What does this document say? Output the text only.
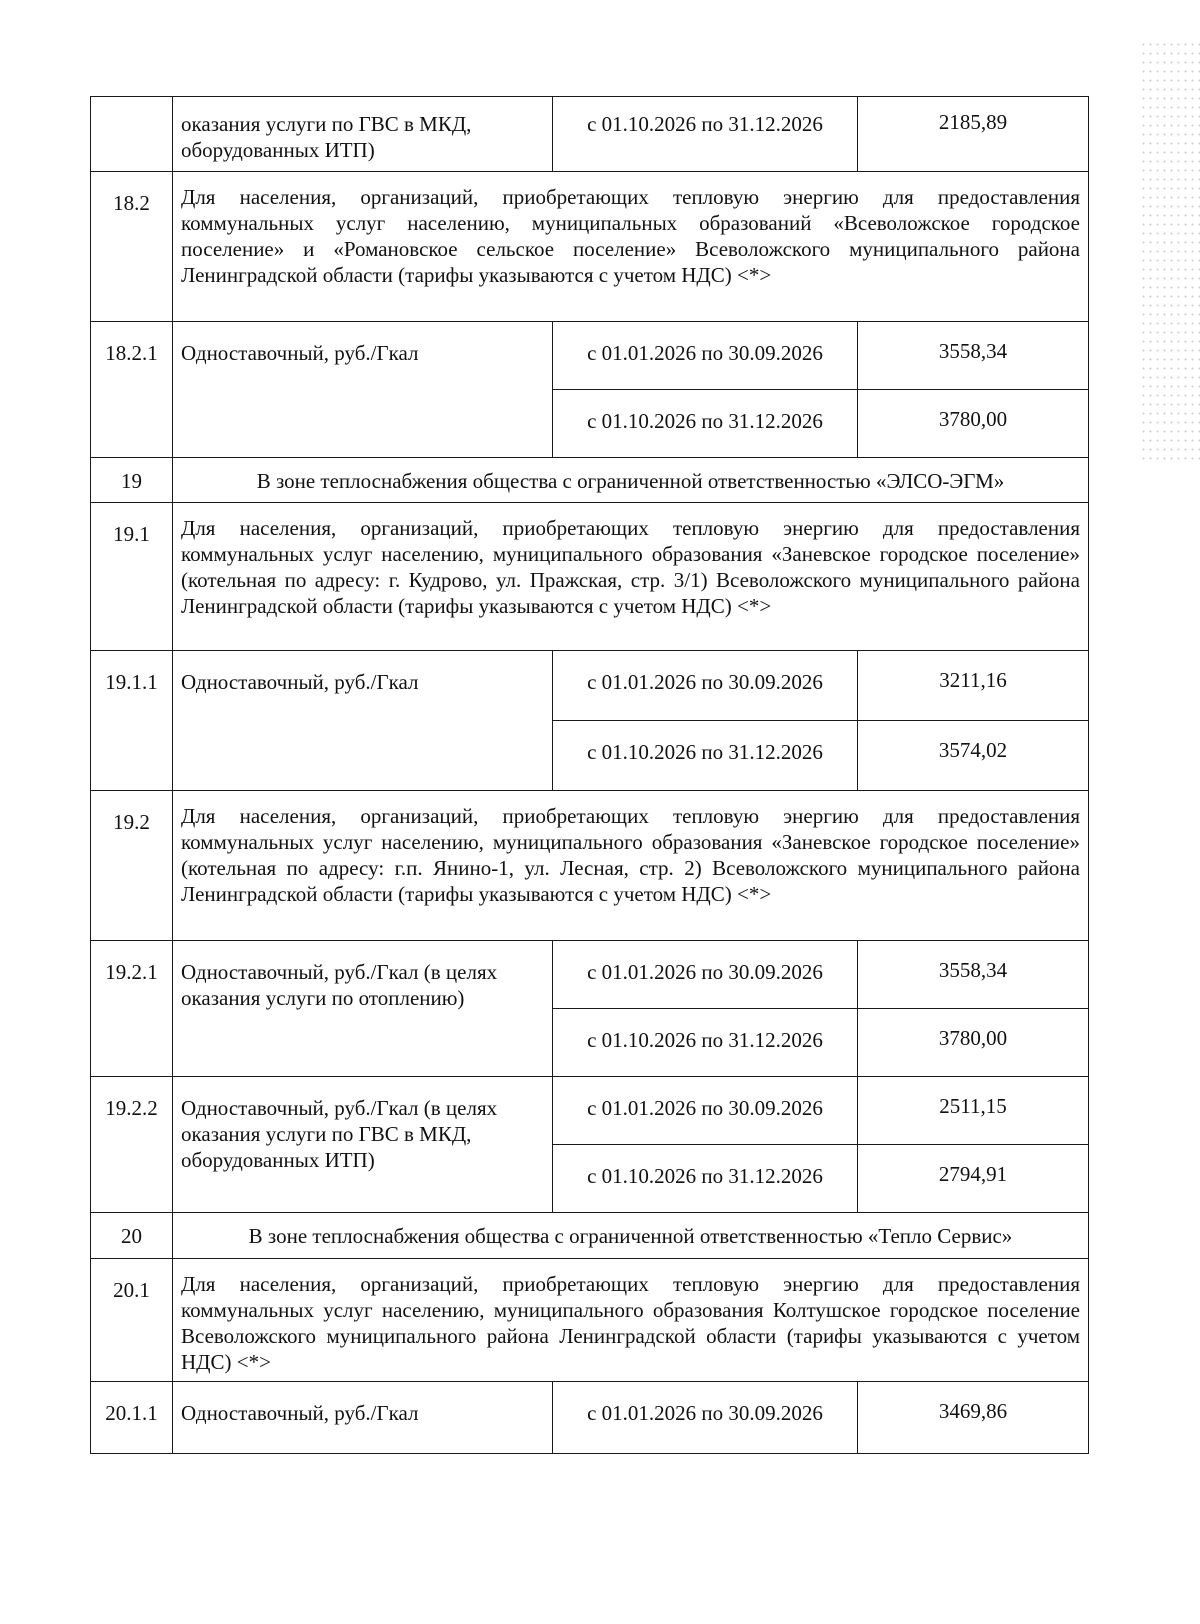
	оказания услуги по ГВС в МКД, оборудованных ИТП)	с 01.10.2026 по 31.12.2026	2185,89
18.2	Для населения, организаций, приобретающих тепловую энергию для предоставления коммунальных услуг населению, муниципальных образований «Всеволожское городское поселение» и «Романовское сельское поселение» Всеволожского муниципального района Ленинградской области (тарифы указываются с учетом НДС) <*>		
18.2.1	Одноставочный, руб./Гкал	с 01.01.2026 по 30.09.2026	3558,34
		с 01.10.2026 по 31.12.2026	3780,00
19	В зоне теплоснабжения общества с ограниченной ответственностью «ЭЛСО-ЭГМ»		
19.1	Для населения, организаций, приобретающих тепловую энергию для предоставления коммунальных услуг населению, муниципального образования «Заневское городское поселение» (котельная по адресу: г. Кудрово, ул. Пражская, стр. 3/1) Всеволожского муниципального района Ленинградской области (тарифы указываются с учетом НДС) <*>		
19.1.1	Одноставочный, руб./Гкал	с 01.01.2026 по 30.09.2026	3211,16
		с 01.10.2026 по 31.12.2026	3574,02
19.2	Для населения, организаций, приобретающих тепловую энергию для предоставления коммунальных услуг населению, муниципального образования «Заневское городское поселение» (котельная по адресу: г.п. Янино-1, ул. Лесная, стр. 2) Всеволожского муниципального района Ленинградской области (тарифы указываются с учетом НДС) <*>		
19.2.1	Одноставочный, руб./Гкал (в целях оказания услуги по отоплению)	с 01.01.2026 по 30.09.2026	3558,34
		с 01.10.2026 по 31.12.2026	3780,00
19.2.2	Одноставочный, руб./Гкал (в целях оказания услуги по ГВС в МКД, оборудованных ИТП)	с 01.01.2026 по 30.09.2026	2511,15
		с 01.10.2026 по 31.12.2026	2794,91
20	В зоне теплоснабжения общества с ограниченной ответственностью «Тепло Сервис»		
20.1	Для населения, организаций, приобретающих тепловую энергию для предоставления коммунальных услуг населению, муниципального образования Колтушское городское поселение Всеволожского муниципального района Ленинградской области (тарифы указываются с учетом НДС) <*>		
20.1.1	Одноставочный, руб./Гкал	с 01.01.2026 по 30.09.2026	3469,86
